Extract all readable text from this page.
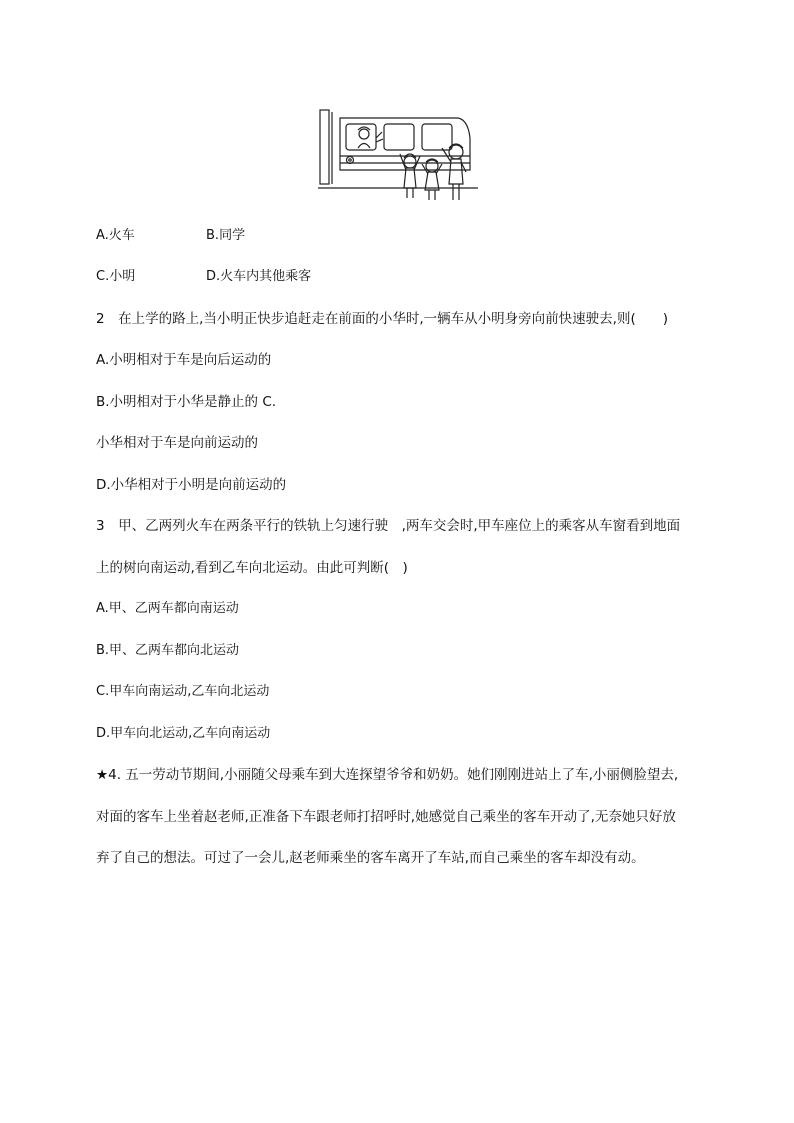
A.火车	B.同学
C.小明	D.火车内其他乘客
2　在上学的路上,当小明正快步追赶走在前面的小华时,一辆车从小明身旁向前快速驶去,则(　　)
A.小明相对于车是向后运动的
B.小明相对于小华是静止的 C.
小华相对于车是向前运动的
D.小华相对于小明是向前运动的
3　甲、乙两列火车在两条平行的铁轨上匀速行驶　,两车交会时,甲车座位上的乘客从车窗看到地面
上的树向南运动,看到乙车向北运动。由此可判断(　)
A.甲、乙两车都向南运动
B.甲、乙两车都向北运动
C.甲车向南运动,乙车向北运动
D.甲车向北运动,乙车向南运动
★4. 五一劳动节期间,小丽随父母乘车到大连探望爷爷和奶奶。她们刚刚进站上了车,小丽侧脸望去,
对面的客车上坐着赵老师,正准备下车跟老师打招呼时,她感觉自己乘坐的客车开动了,无奈她只好放
弃了自己的想法。可过了一会儿,赵老师乘坐的客车离开了车站,而自己乘坐的客车却没有动。
